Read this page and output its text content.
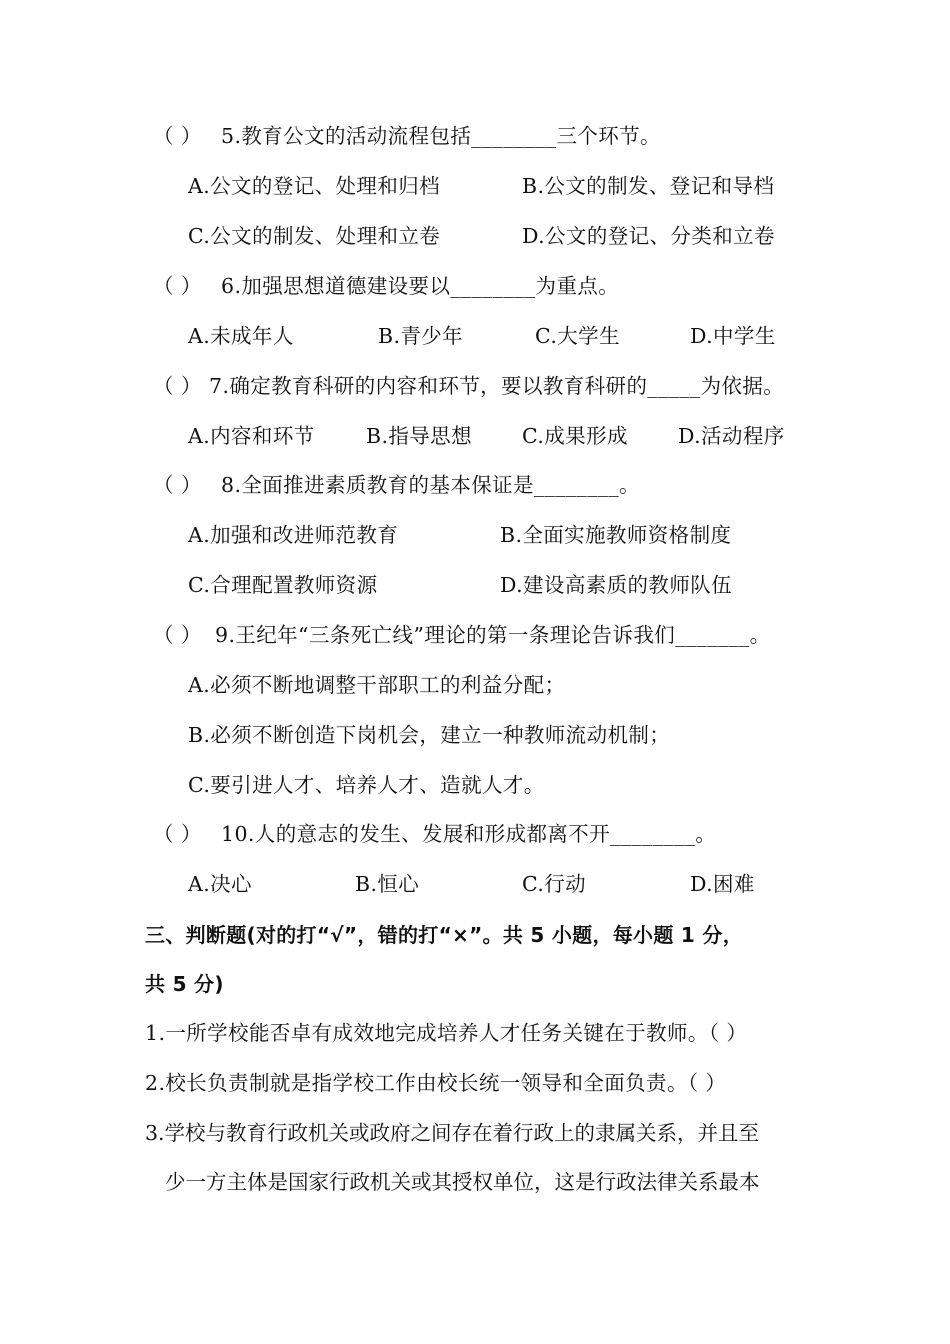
（ ） 5.教育公文的活动流程包括________三个环节。
A.公文的登记、处理和归档	B.公文的制发、登记和导档
C.公文的制发、处理和立卷	D.公文的登记、分类和立卷
（ ） 6.加强思想道德建设要以________为重点。
A.未成年人	B.青少年	C.大学生	D.中学生
（ ） 7.确定教育科研的内容和环节，要以教育科研的_____为依据。
A.内容和环节	B.指导思想 C.成果形成 D.活动程序
（ ） 8.全面推进素质教育的基本保证是________。
A.加强和改进师范教育	B.全面实施教师资格制度
C.合理配置教师资源	D.建设高素质的教师队伍
（ ） 9.王纪年“三条死亡线”理论的第一条理论告诉我们_______。
A.必须不断地调整干部职工的利益分配；
B.必须不断创造下岗机会，建立一种教师流动机制；
C.要引进人才、培养人才、造就人才。
（ ） 10.人的意志的发生、发展和形成都离不开________。
A.决心	B.恒心	C.行动	D.困难
三、判断题(对的打“√”，错的打“×”。共 5 小题，每小题 1 分，
共 5 分)
1.一所学校能否卓有成效地完成培养人才任务关键在于教师。（ ）
2.校长负责制就是指学校工作由校长统一领导和全面负责。（ ）
3.学校与教育行政机关或政府之间存在着行政上的隶属关系，并且至
少一方主体是国家行政机关或其授权单位，这是行政法律关系最本
